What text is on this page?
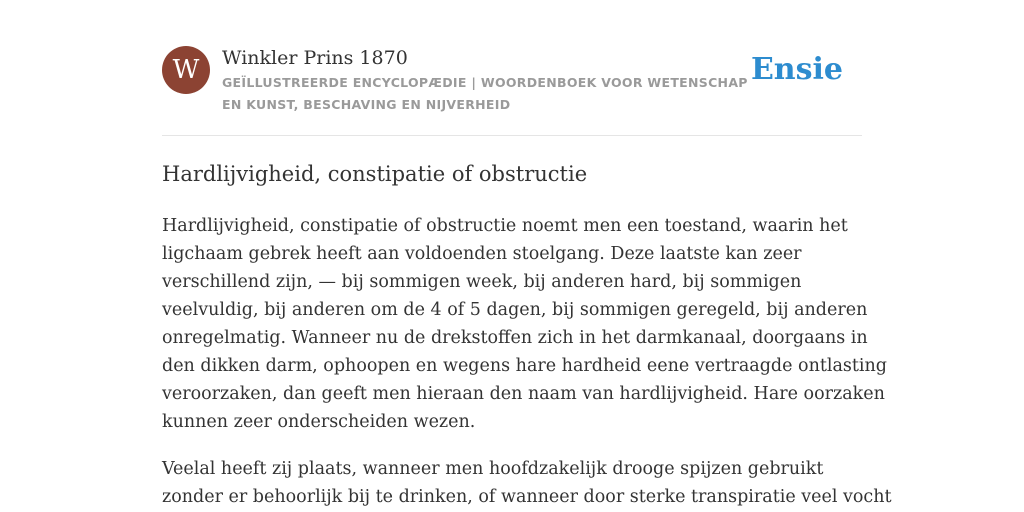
W	Winkler Prins 1870
GEÏLLUSTREERDE ENCYCLOPÆDIE | WOORDENBOEK VOOR WETENSCHAP EN KUNST, BESCHAVING EN NIJVERHEID
Ensie
Hardlijvigheid, constipatie of obstructie

Hardlijvigheid, constipatie of obstructie noemt men een toestand, waarin het
ligchaam gebrek heeft aan voldoenden stoelgang. Deze laatste kan zeer
verschillend zijn, — bij sommigen week, bij anderen hard, bij sommigen
veelvuldig, bij anderen om de 4 of 5 dagen, bij sommigen geregeld, bij anderen
onregelmatig. Wanneer nu de drekstoffen zich in het darmkanaal, doorgaans in
den dikken darm, ophoopen en wegens hare hardheid eene vertraagde ontlasting
veroorzaken, dan geeft men hieraan den naam van hardlijvigheid. Hare oorzaken
kunnen zeer onderscheiden wezen.

Veelal heeft zij plaats, wanneer men hoofdzakelijk drooge spijzen gebruikt
zonder er behoorlijk bij te drinken, of wanneer door sterke transpiratie veel vocht
